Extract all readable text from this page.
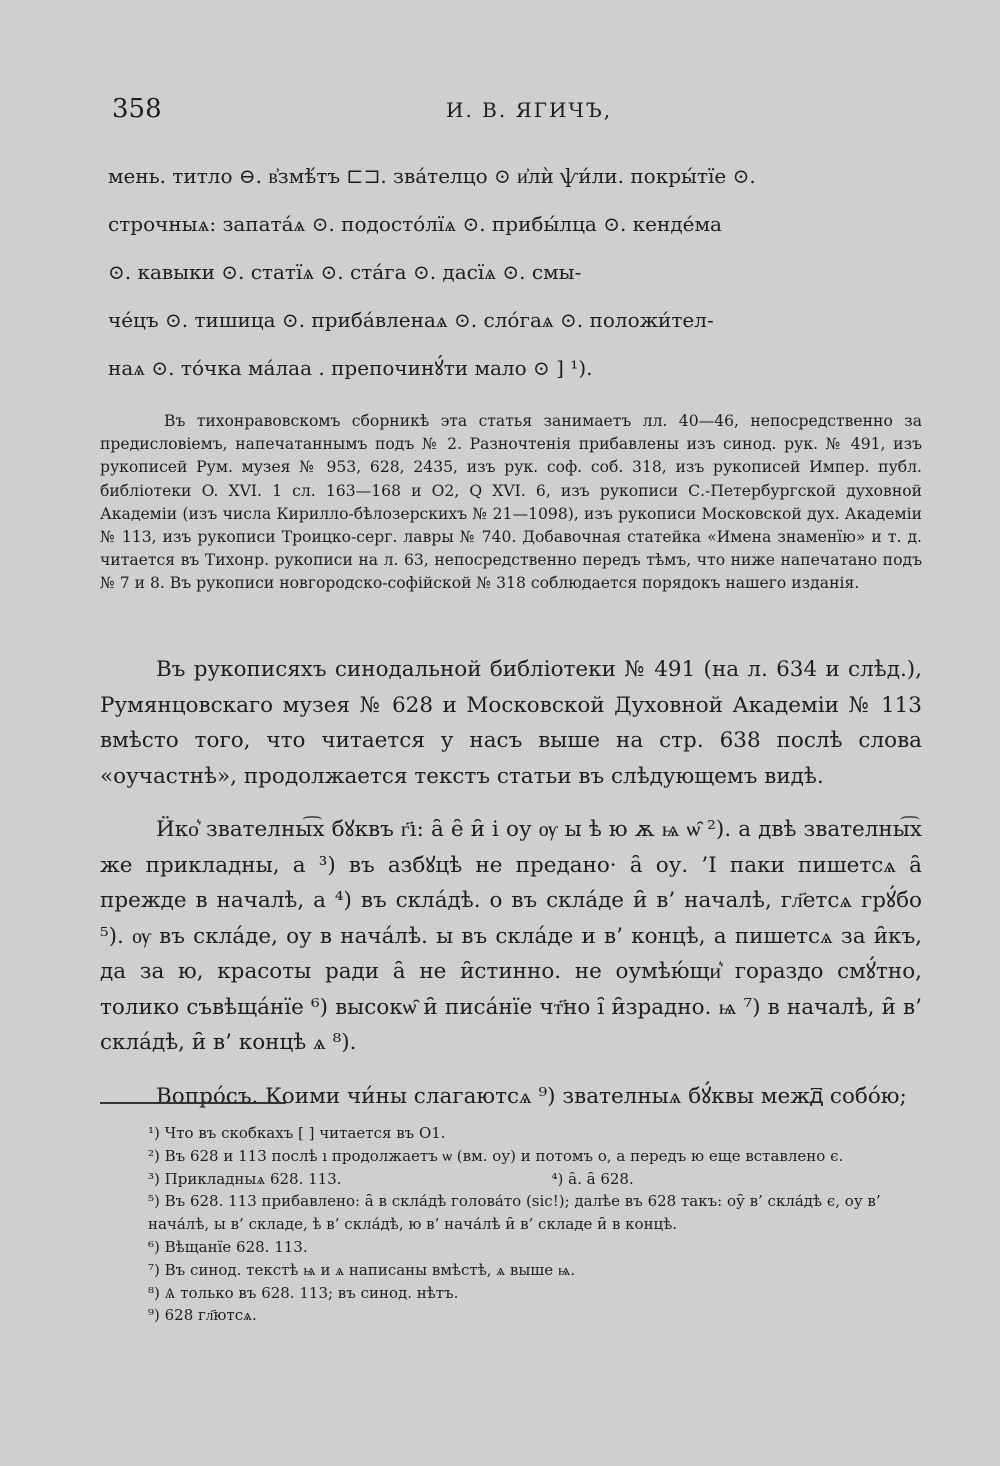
358	И. В. ЯГИЧЪ,
мень. титло ⊖. в҆змѣ́тъ ⊏⊐. зва́телцо ⊙ и҆лѝ ѱи́ли. покры́тїе ⊙.
строчныѧ: запата́ѧ ⊙. подосто́лїѧ ⊙. прибы́лца ⊙. кенде́ма
⊙. кавыки ⊙. статїѧ ⊙. ста́га ⊙. дасїѧ ⊙. смы-
че́цъ ⊙. тишица ⊙. приба́вленаѧ ⊙. сло́гаѧ ⊙. положи́тел-
наѧ ⊙. то́чка ма́лаа . препочинꙋ́ти мало ⊙ ] ¹).
Въ тихонравовскомъ сборникѣ эта статья занимаетъ лл. 40—46, непосредственно за предисловіемъ, напечатаннымъ подъ № 2. Разночтенія прибавлены изъ синод. рук. № 491, изъ рукописей Рум. музея № 953, 628, 2435, изъ рук. соф. соб. 318, изъ рукописей Импер. публ. библіотеки O. XVI. 1 сл. 163—168 и O2, Q XVI. 6, изъ рукописи С.-Петербургской духовной Академіи (изъ числа Кирилло-бѣлозерскихъ № 21—1098), изъ рукописи Московской дух. Академіи № 113, изъ рукописи Троицко-серг. лавры № 740. Добавочная статейка «Имена знаменїю» и т. д. читается въ Тихонр. рукописи на л. 63, непосредственно передъ тѣмъ, что ниже напечатано подъ № 7 и 8. Въ рукописи новгородско-софійской № 318 соблюдается порядокъ нашего изданія.

Въ рукописяхъ синодальной библіотеки № 491 (на л. 634 и слѣд.), Румянцовскаго музея № 628 и Московской Духовной Академіи № 113 вмѣсто того, что читается у насъ выше на стр. 638 послѣ слова «оучастнѣ», продолжается текстъ статьи въ слѣдующемъ видѣ.

Ӥко͛ звателны͡х бꙋквъ г҃ı: а̑ е̑ и̑ і оу ѹ ы ѣ ю ѫ ѩ ѡ̑ ²). а двѣ звателны͡х же прикладны, а ³) въ азбꙋцѣ не предано· а̑ оу. ’І паки пишетсѧ а̑ прежде в началѣ, а ⁴) въ скла́дѣ. о въ скла́де и̑ в’ началѣ, гл҃етсѧ грꙋ́бо ⁵). ѹ въ скла́де, оу в нача́лѣ. ы въ скла́де и в’ концѣ, а пишетсѧ за и̑къ, да за ю, красоты ради а̑ не и̑стинно. не оумѣю́щи͛ гораздо смꙋ́тно, толико съвѣща́нїе ⁶) высокѡ̑ и̑ писа́нїе чт҃но і̑ и̑зрадно. ѩ ⁷) в началѣ, и̑ в’ скла́дѣ, и̑ в’ концѣ ѧ ⁸).

Вопро́съ. Коими чи́ны слагаютсѧ ⁹) звателныѧ бꙋ́квы межд꙯ собо́ю;

¹) Что въ скобкахъ [ ] читается въ O1.

²) Въ 628 и 113 послѣ ı продолжаетъ ѡ (вм. оу) и потомъ о, а передъ ю еще вставлено є.

³) Прикладныѧ 628. 113.	⁴) а̑. а̑ 628.

⁵) Въ 628. 113 прибавлено: а̑ в скла́дѣ голова́то (sic!); далѣе въ 628 такъ: оу̑ в’ скла́дѣ є, оу в’ нача́лѣ, ы в’ складе, ѣ в’ скла́дѣ, ю в’ нача́лѣ и̑ в’ складе и̑ в концѣ.

⁶) Вѣщанїе 628. 113.

⁷) Въ синод. текстѣ ѩ и ѧ написаны вмѣстѣ, ѧ выше ѩ.

⁸) Ѧ только въ 628. 113; въ синод. нѣтъ.

⁹) 628 гл҃ютсѧ.
